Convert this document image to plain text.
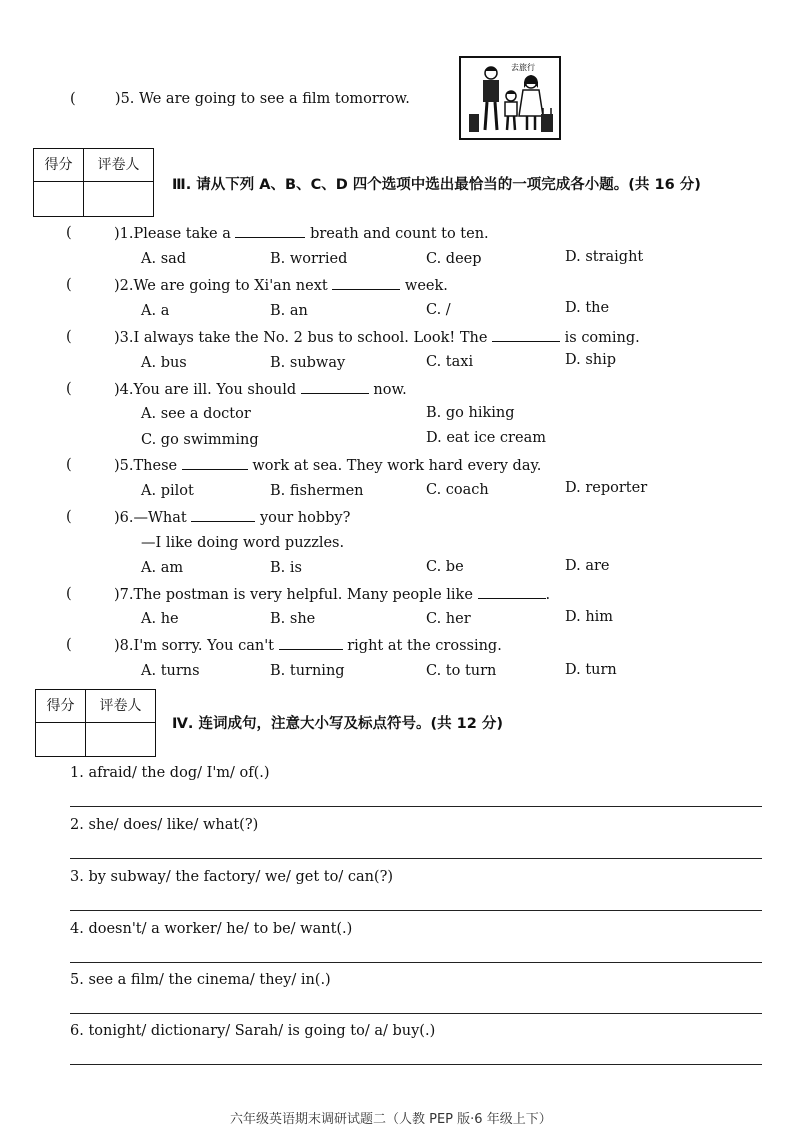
(	)5. We are going to see a film tomorrow.
去旅行
得分	评卷人
Ⅲ. 请从下列 A、B、C、D 四个选项中选出最恰当的一项完成各小题。(共 16 分)
(	)1.Please take a	breath and count to ten.
A. sad	B. worried	C. deep	D. straight
(	)2.We are going to Xi'an next	week.
A. a	B. an	C. /	D. the
(	)3.I always take the No. 2 bus to school. Look! The	is coming.
A. bus	B. subway	C. taxi	D. ship
(	)4.You are ill. You should	now.
A. see a doctor	B. go hiking
C. go swimming	D. eat ice cream
(	)5.These	work at sea. They work hard every day.
A. pilot	B. fishermen	C. coach	D. reporter
(	)6.—What	your hobby?
—I like doing word puzzles.
A. am	B. is	C. be	D. are
(	)7.The postman is very helpful. Many people like	.
A. he	B. she	C. her	D. him
(	)8.I'm sorry. You can't	right at the crossing.
A. turns	B. turning	C. to turn	D. turn
得分	评卷人
Ⅳ. 连词成句，注意大小写及标点符号。(共 12 分)
1. afraid/ the dog/ I'm/ of(.)
2. she/ does/ like/ what(?)
3. by subway/ the factory/ we/ get to/ can(?)
4. doesn't/ a worker/ he/ to be/ want(.)
5. see a film/ the cinema/ they/ in(.)
6. tonight/ dictionary/ Sarah/ is going to/ a/ buy(.)
六年级英语期末调研试题二（人教 PEP 版·6 年级上下）
